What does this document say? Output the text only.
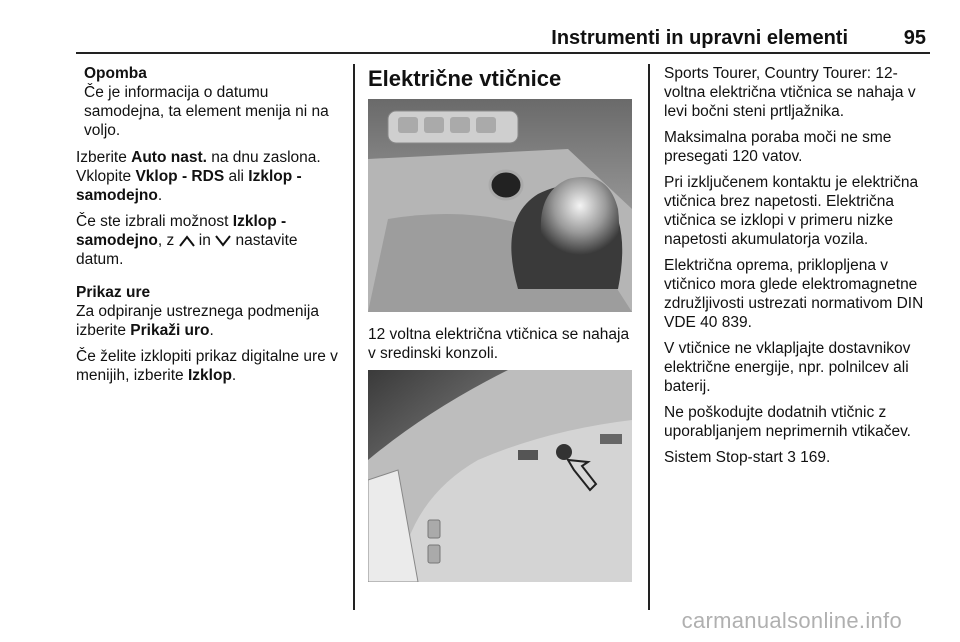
Instrumenti in upravni elementi	95
Opomba
Če je informacija o datumu samodejna, ta element menija ni na voljo.

Izberite Auto nast. na dnu zaslona. Vklopite Vklop - RDS ali Izklop - samodejno.

Če ste izbrali možnost Izklop - samodejno, z  in  nastavite datum.

Prikaz ure

Za odpiranje ustreznega podmenija izberite Prikaži uro.

Če želite izklopiti prikaz digitalne ure v menijih, izberite Izklop.

Električne vtičnice
12 voltna električna vtičnica se nahaja v sredinski konzoli.

Sports Tourer, Country Tourer: 12-voltna električna vtičnica se nahaja v levi bočni steni prtljažnika.

Maksimalna poraba moči ne sme presegati 120 vatov.

Pri izključenem kontaktu je električna vtičnica brez napetosti. Električna vtičnica se izklopi v primeru nizke napetosti akumulatorja vozila.

Električna oprema, priklopljena v vtičnico mora glede elektromagnetne združljivosti ustrezati normativom DIN VDE 40 839.

V vtičnice ne vklapljajte dostavnikov električne energije, npr. polnilcev ali baterij.

Ne poškodujte dodatnih vtičnic z uporabljanjem neprimernih vtikačev.

Sistem Stop-start 3 169.

carmanualsonline.info
